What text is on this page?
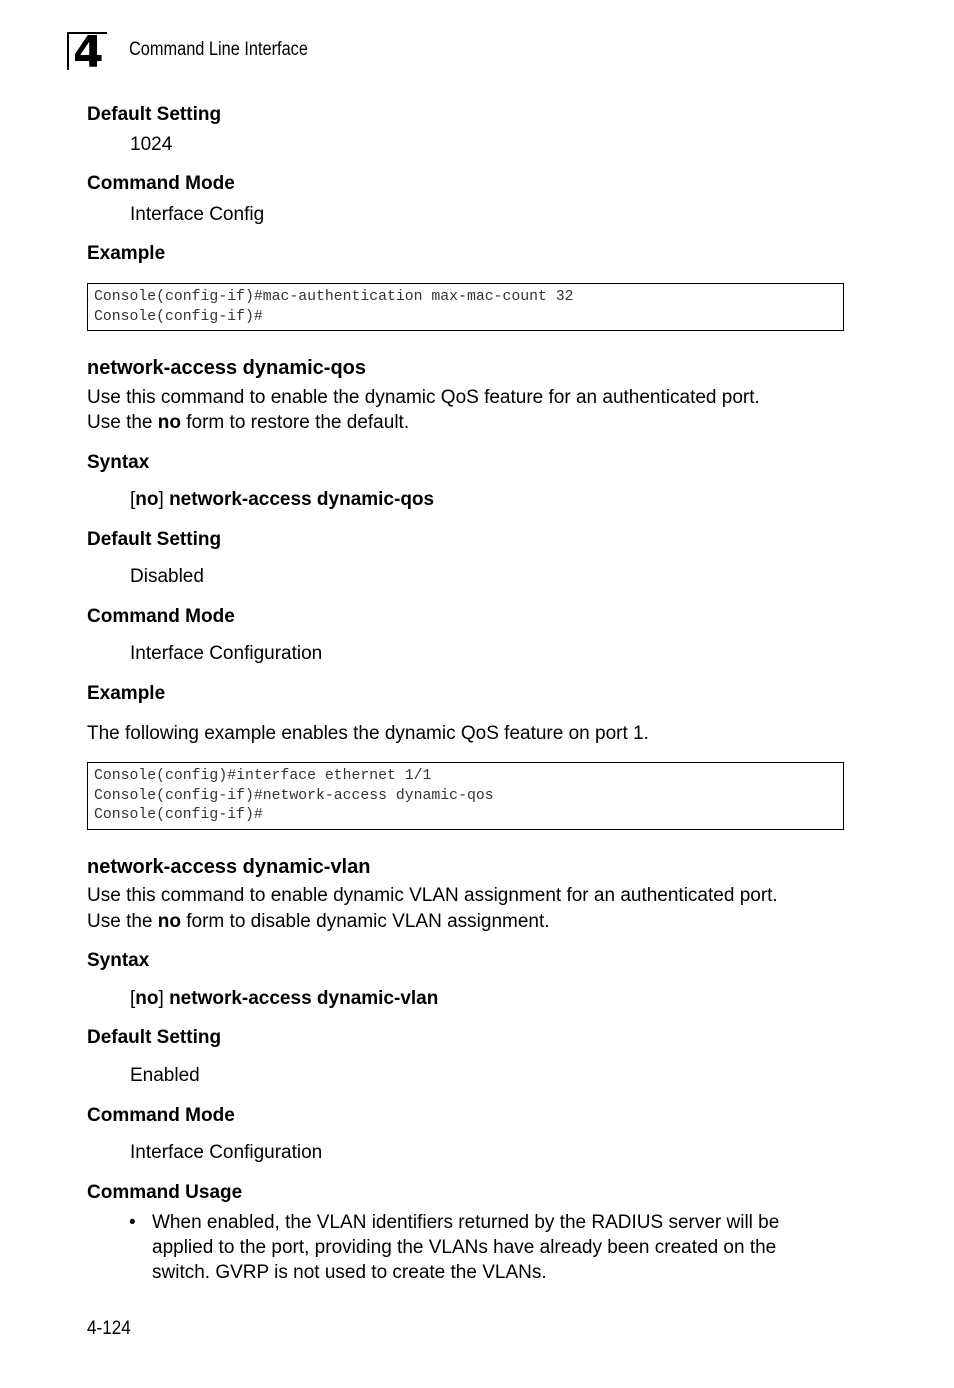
4 Command Line Interface
Default Setting
1024
Command Mode
Interface Config
Example
Console(config-if)#mac-authentication max-mac-count 32
Console(config-if)#
network-access dynamic-qos
Use this command to enable the dynamic QoS feature for an authenticated port.
Use the no form to restore the default.
Syntax
[no] network-access dynamic-qos
Default Setting
Disabled
Command Mode
Interface Configuration
Example
The following example enables the dynamic QoS feature on port 1.
Console(config)#interface ethernet 1/1
Console(config-if)#network-access dynamic-qos
Console(config-if)#
network-access dynamic-vlan
Use this command to enable dynamic VLAN assignment for an authenticated port.
Use the no form to disable dynamic VLAN assignment.
Syntax
[no] network-access dynamic-vlan
Default Setting
Enabled
Command Mode
Interface Configuration
Command Usage
• When enabled, the VLAN identifiers returned by the RADIUS server will be
applied to the port, providing the VLANs have already been created on the
switch. GVRP is not used to create the VLANs.
4-124
